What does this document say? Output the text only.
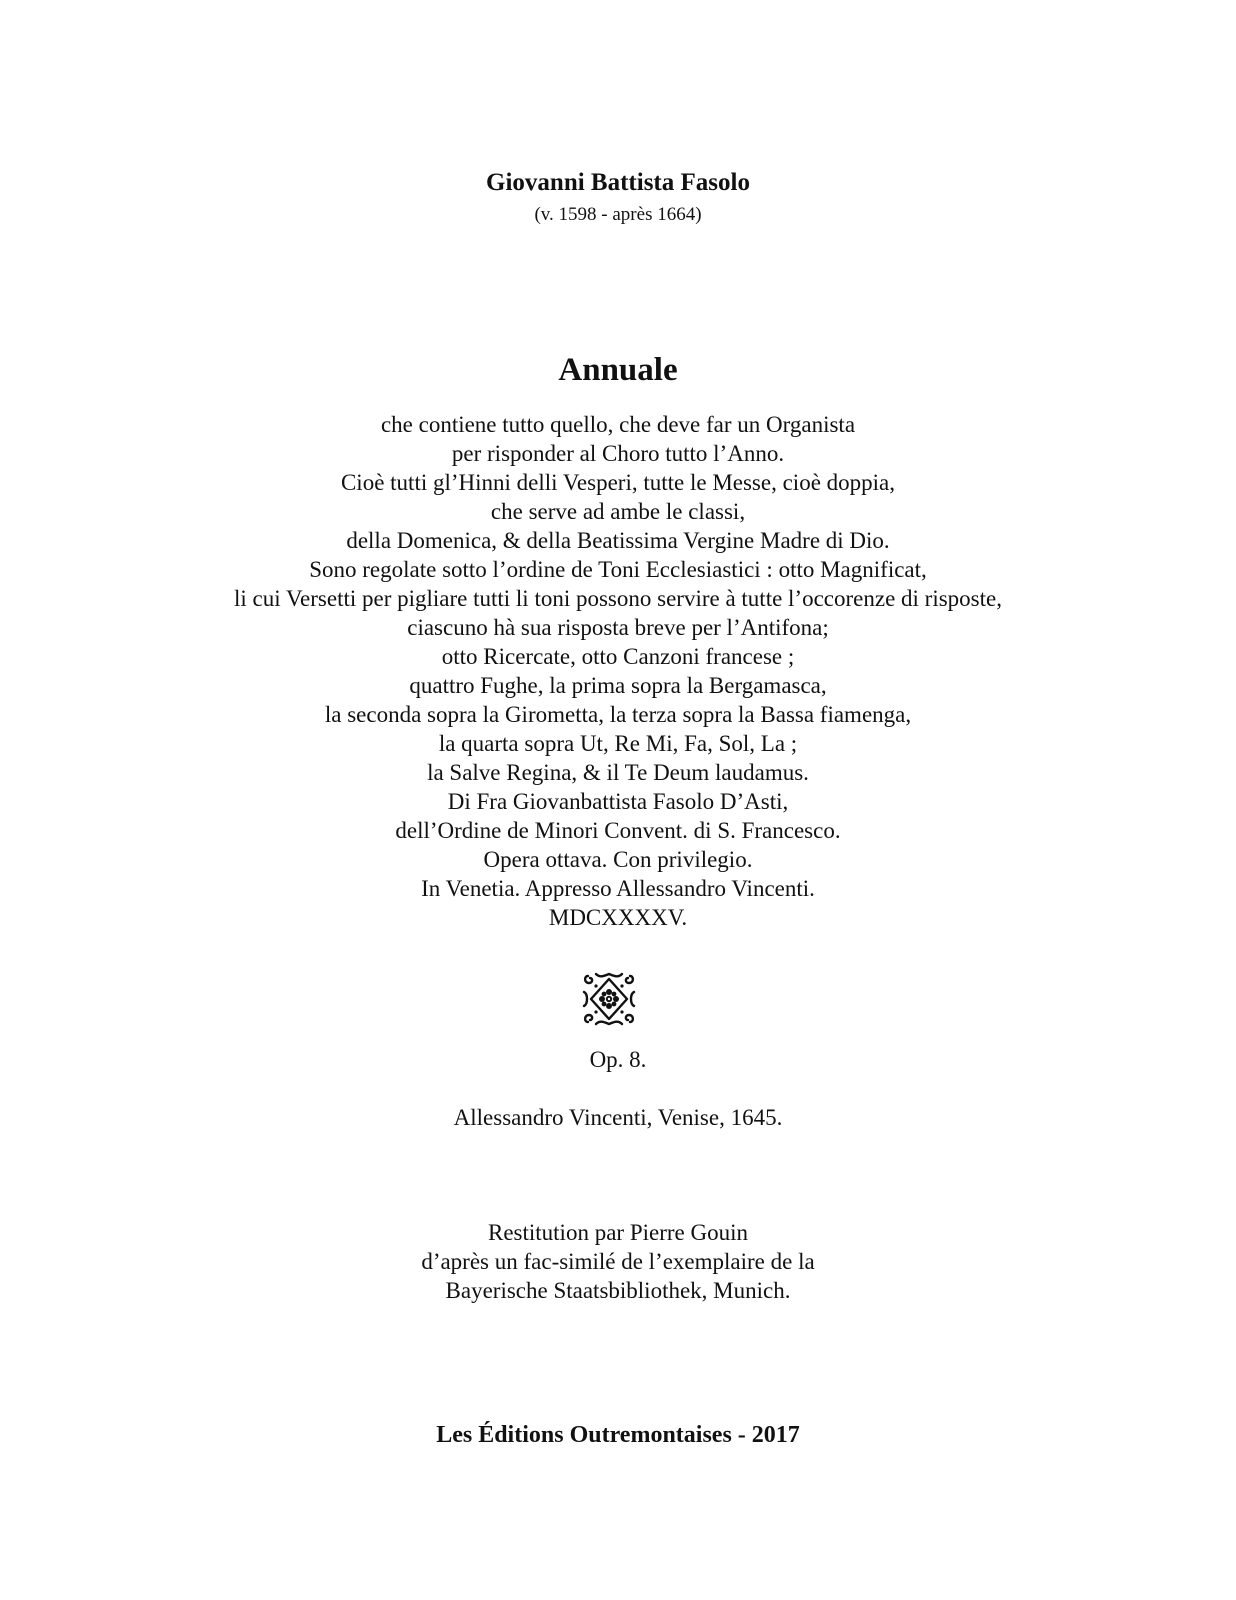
Giovanni Battista Fasolo
(v. 1598 - après 1664)
Annuale
che contiene tutto quello, che deve far un Organista
per risponder al Choro tutto l’Anno.
Cioè tutti gl’Hinni delli Vesperi, tutte le Messe, cioè doppia,
che serve ad ambe le classi,
della Domenica, & della Beatissima Vergine Madre di Dio.
Sono regolate sotto l’ordine de Toni Ecclesiastici : otto Magnificat,
li cui Versetti per pigliare tutti li toni possono servire à tutte l’occorenze di risposte,
ciascuno hà sua risposta breve per l’Antifona;
otto Ricercate, otto Canzoni francese ;
quattro Fughe, la prima sopra la Bergamasca,
la seconda sopra la Girometta, la terza sopra la Bassa fiamenga,
la quarta sopra Ut, Re Mi, Fa, Sol, La ;
la Salve Regina, & il Te Deum laudamus.
Di Fra Giovanbattista Fasolo D’Asti,
dell’Ordine de Minori Convent. di S. Francesco.
Opera ottava. Con privilegio.
In Venetia. Appresso Allessandro Vincenti.
MDCXXXXV.
Op. 8.
Allessandro Vincenti, Venise, 1645.
Restitution par Pierre Gouin
d’après un fac-similé de l’exemplaire de la
Bayerische Staatsbibliothek, Munich.
Les Éditions Outremontaises - 2017
